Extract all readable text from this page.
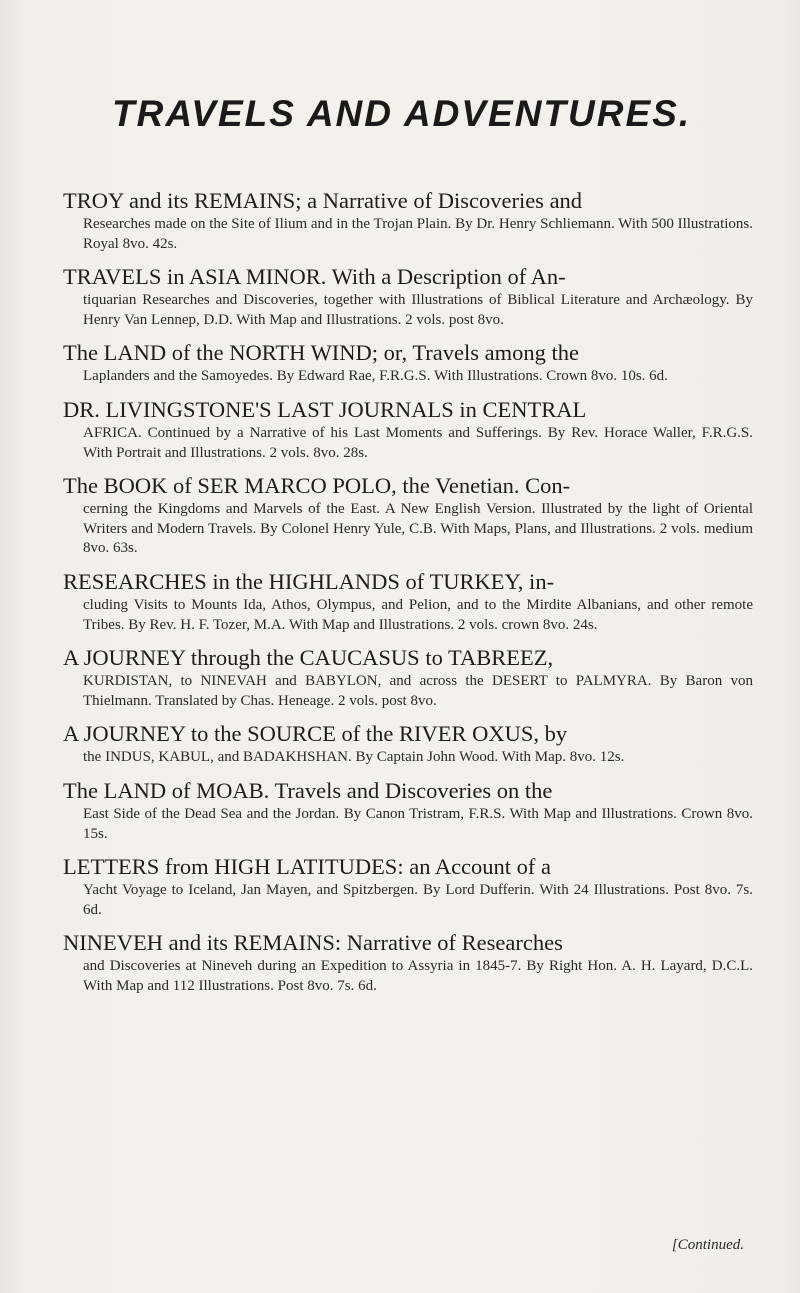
TRAVELS AND ADVENTURES.
TROY and its REMAINS; a Narrative of Discoveries and
Researches made on the Site of Ilium and in the Trojan Plain. By Dr. Henry Schliemann. With 500 Illustrations. Royal 8vo. 42s.
TRAVELS in ASIA MINOR. With a Description of An-
tiquarian Researches and Discoveries, together with Illustrations of Biblical Literature and Archæology. By Henry Van Lennep, D.D. With Map and Illustrations. 2 vols. post 8vo.
The LAND of the NORTH WIND; or, Travels among the
Laplanders and the Samoyedes. By Edward Rae, F.R.G.S. With Illustrations. Crown 8vo. 10s. 6d.
DR. LIVINGSTONE'S LAST JOURNALS in CENTRAL
AFRICA. Continued by a Narrative of his Last Moments and Sufferings. By Rev. Horace Waller, F.R.G.S. With Portrait and Illustrations. 2 vols. 8vo. 28s.
The BOOK of SER MARCO POLO, the Venetian. Con-
cerning the Kingdoms and Marvels of the East. A New English Version. Illustrated by the light of Oriental Writers and Modern Travels. By Colonel Henry Yule, C.B. With Maps, Plans, and Illustrations. 2 vols. medium 8vo. 63s.
RESEARCHES in the HIGHLANDS of TURKEY, in-
cluding Visits to Mounts Ida, Athos, Olympus, and Pelion, and to the Mirdite Albanians, and other remote Tribes. By Rev. H. F. Tozer, M.A. With Map and Illustrations. 2 vols. crown 8vo. 24s.
A JOURNEY through the CAUCASUS to TABREEZ,
KURDISTAN, to NINEVAH and BABYLON, and across the DESERT to PALMYRA. By Baron von Thielmann. Translated by Chas. Heneage. 2 vols. post 8vo.
A JOURNEY to the SOURCE of the RIVER OXUS, by
the INDUS, KABUL, and BADAKHSHAN. By Captain John Wood. With Map. 8vo. 12s.
The LAND of MOAB. Travels and Discoveries on the
East Side of the Dead Sea and the Jordan. By Canon Tristram, F.R.S. With Map and Illustrations. Crown 8vo. 15s.
LETTERS from HIGH LATITUDES: an Account of a
Yacht Voyage to Iceland, Jan Mayen, and Spitzbergen. By Lord Dufferin. With 24 Illustrations. Post 8vo. 7s. 6d.
NINEVEH and its REMAINS: Narrative of Researches
and Discoveries at Nineveh during an Expedition to Assyria in 1845-7. By Right Hon. A. H. Layard, D.C.L. With Map and 112 Illustrations. Post 8vo. 7s. 6d.
[Continued.
